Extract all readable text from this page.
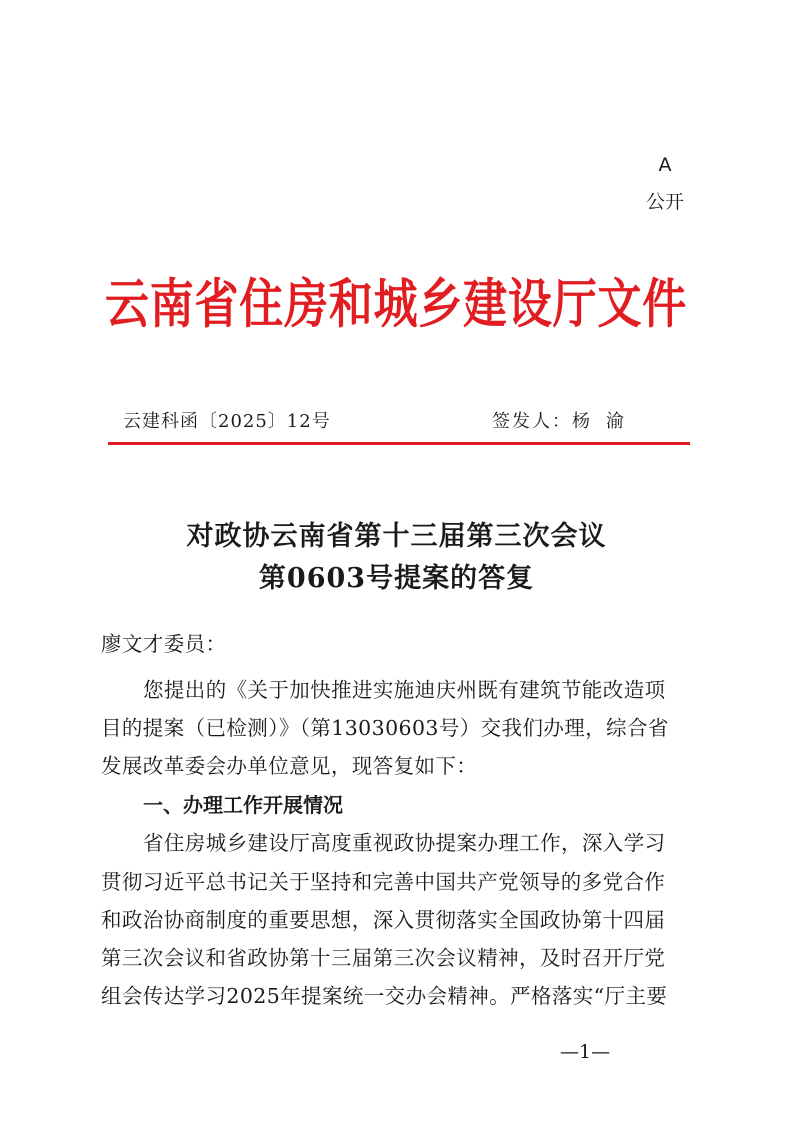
A
公开
云南省住房和城乡建设厅文件
云建科函〔2025〕12号	签发人：杨渝
对政协云南省第十三届第三次会议
第0603号提案的答复
廖文才委员：
您提出的《关于加快推进实施迪庆州既有建筑节能改造项
目的提案（已检测）》（第13030603号）交我们办理，综合省
发展改革委会办单位意见，现答复如下：
一、办理工作开展情况
省住房城乡建设厅高度重视政协提案办理工作，深入学习
贯彻习近平总书记关于坚持和完善中国共产党领导的多党合作
和政治协商制度的重要思想，深入贯彻落实全国政协第十四届
第三次会议和省政协第十三届第三次会议精神，及时召开厅党
组会传达学习2025年提案统一交办会精神。严格落实“厅主要
—1—
